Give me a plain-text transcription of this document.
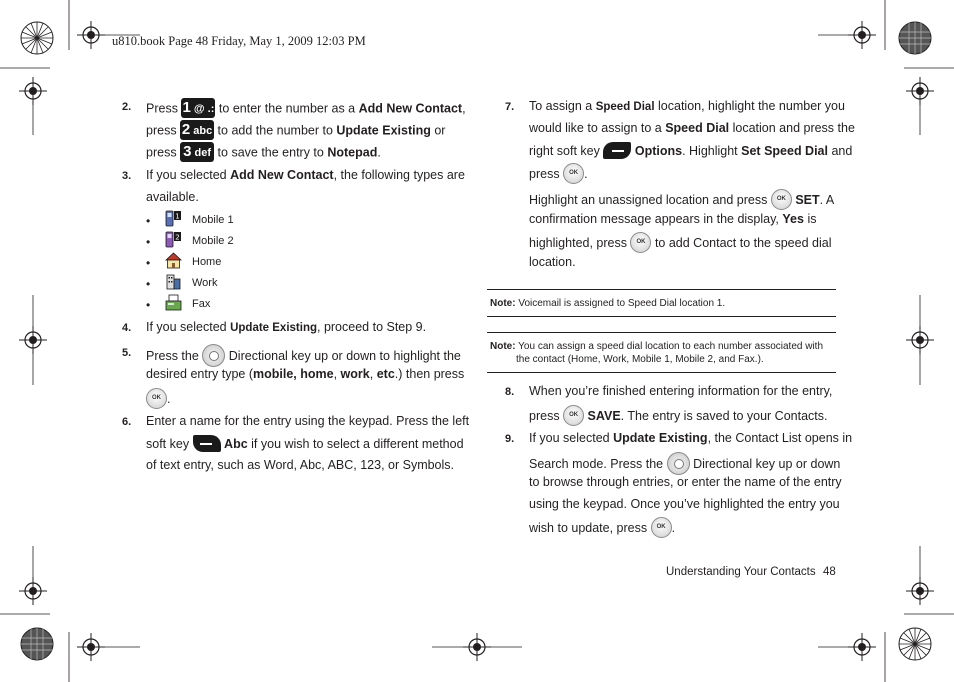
u810.book Page 48 Friday, May 1, 2009 12:03 PM
2. Press 1 @ .: to enter the number as a Add New Contact,
press 2 abc to add the number to Update Existing or
press 3 def to save the entry to Notepad.
3. If you selected Add New Contact, the following types are
available.
•	1 Mobile 1
•	2 Mobile 2
•	Home
•	Work
•	Fax
4. If you selected Update Existing, proceed to Step 9.
5. Press the Directional key up or down to highlight the
desired entry type (mobile, home, work, etc.) then press
OK .
6. Enter a name for the entry using the keypad. Press the left
soft key	Abc if you wish to select a different method
of text entry, such as Word, Abc, ABC, 123, or Symbols.
7. To assign a Speed Dial location, highlight the number you
would like to assign to a Speed Dial location and press the
right soft key	Options. Highlight Set Speed Dial and
press OK .
Highlight an unassigned location and press OK SET. A
confirmation message appears in the display, Yes is
highlighted, press OK to add Contact to the speed dial
location.
Note: Voicemail is assigned to Speed Dial location 1.
Note: You can assign a speed dial location to each number associated with
the contact (Home, Work, Mobile 1, Mobile 2, and Fax.).
8. When you’re finished entering information for the entry,
press OK SAVE. The entry is saved to your Contacts.
9. If you selected Update Existing, the Contact List opens in
Search mode. Press the Directional key up or down
to browse through entries, or enter the name of the entry
using the keypad. Once you’ve highlighted the entry you
wish to update, press OK .
Understanding Your Contacts 48
